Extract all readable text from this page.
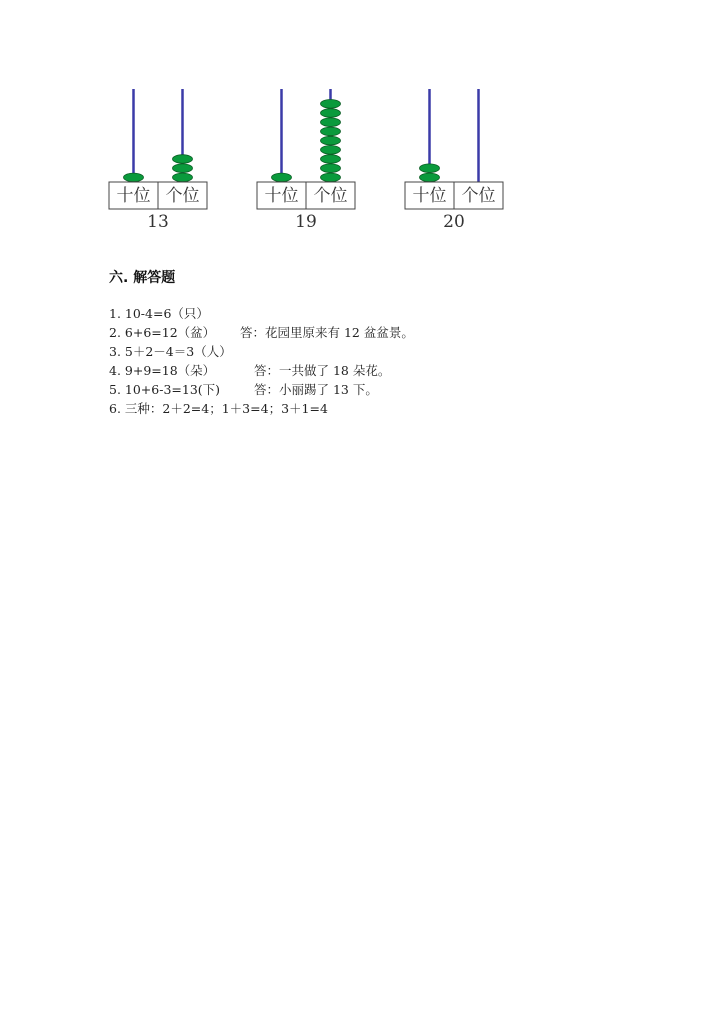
十位 个位
13
十位 个位
19
十位 个位
20
六. 解答题
1. 10-4=6（只）
2. 6+6=12（盆） 答：花园里原来有 12 盆盆景。
3. 5＋2－4＝3（人）
4. 9+9=18（朵）	答：一共做了 18 朵花。
5. 10+6-3=13(下)	答：小丽踢了 13 下。
6. 三种：2＋2=4；1＋3=4；3＋1=4
